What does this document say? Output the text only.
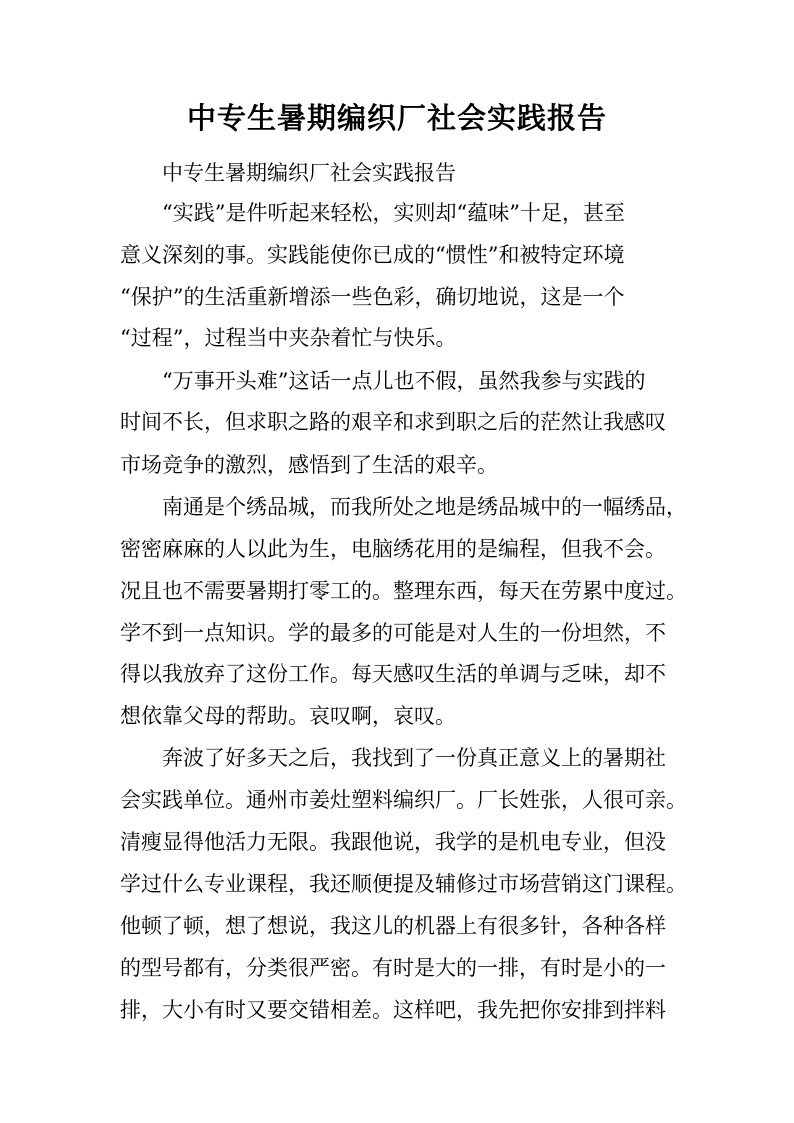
中专生暑期编织厂社会实践报告
中专生暑期编织厂社会实践报告
“实践”是件听起来轻松，实则却“蕴味”十足，甚至
意义深刻的事。实践能使你已成的“惯性”和被特定环境
“保护”的生活重新增添一些色彩，确切地说，这是一个
“过程”，过程当中夹杂着忙与快乐。
“万事开头难”这话一点儿也不假，虽然我参与实践的
时间不长，但求职之路的艰辛和求到职之后的茫然让我感叹
市场竞争的激烈，感悟到了生活的艰辛。
南通是个绣品城，而我所处之地是绣品城中的一幅绣品，
密密麻麻的人以此为生，电脑绣花用的是编程，但我不会。
况且也不需要暑期打零工的。整理东西，每天在劳累中度过。
学不到一点知识。学的最多的可能是对人生的一份坦然，不
得以我放弃了这份工作。每天感叹生活的单调与乏味，却不
想依靠父母的帮助。哀叹啊，哀叹。
奔波了好多天之后，我找到了一份真正意义上的暑期社
会实践单位。通州市姜灶塑料编织厂。厂长姓张，人很可亲。
清瘦显得他活力无限。我跟他说，我学的是机电专业，但没
学过什么专业课程，我还顺便提及辅修过市场营销这门课程。
他顿了顿，想了想说，我这儿的机器上有很多针，各种各样
的型号都有，分类很严密。有时是大的一排，有时是小的一
排，大小有时又要交错相差。这样吧，我先把你安排到拌料
